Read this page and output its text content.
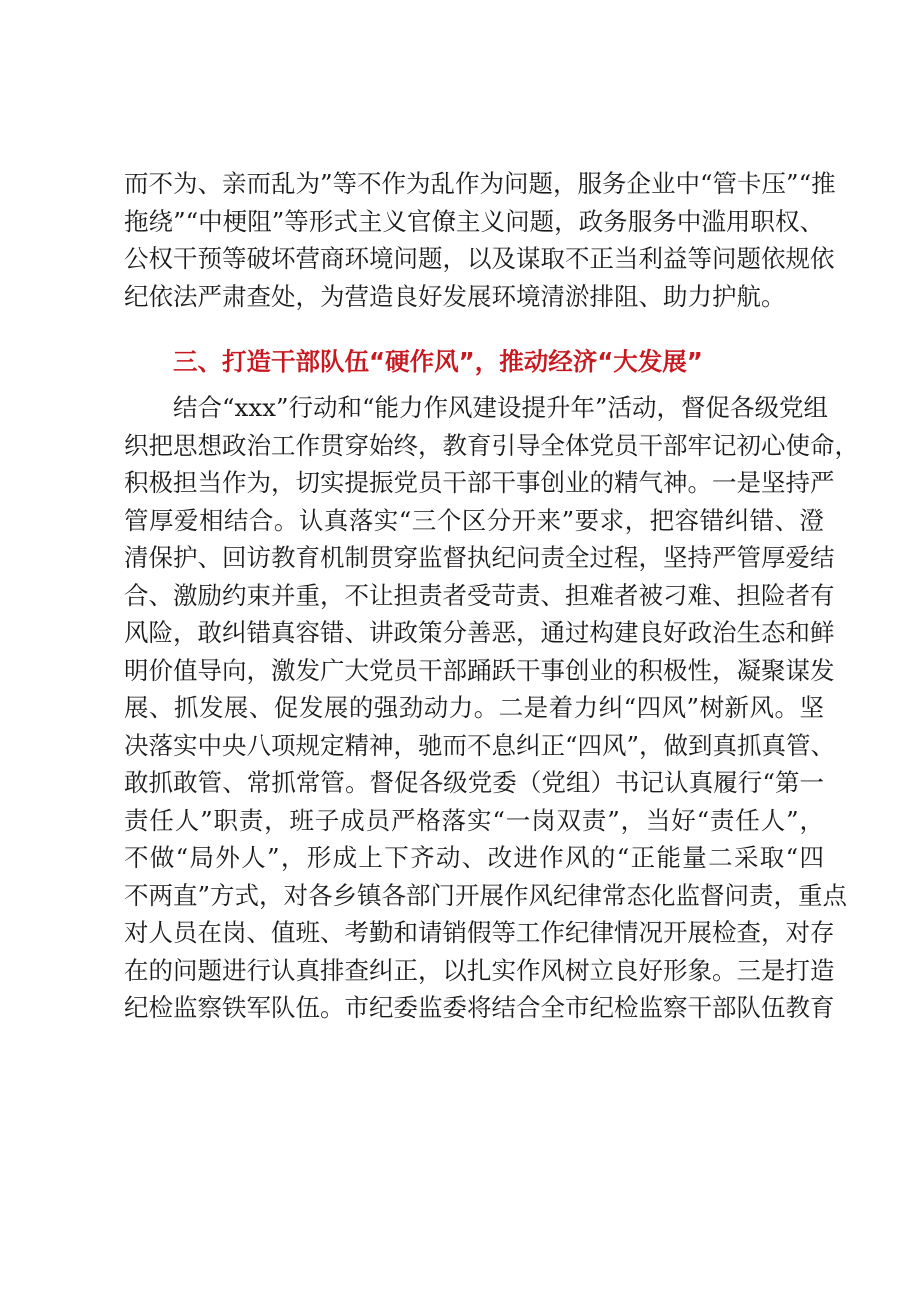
而不为、亲而乱为”等不作为乱作为问题，服务企业中“管卡压”“推
拖绕”“中梗阻”等形式主义官僚主义问题，政务服务中滥用职权、
公权干预等破坏营商环境问题，以及谋取不正当利益等问题依规依
纪依法严肃查处，为营造良好发展环境清淤排阻、助力护航。
三、打造干部队伍“硬作风”，推动经济“大发展”
结合“xxx”行动和“能力作风建设提升年”活动，督促各级党组
织把思想政治工作贯穿始终，教育引导全体党员干部牢记初心使命，
积极担当作为，切实提振党员干部干事创业的精气神。一是坚持严
管厚爱相结合。认真落实“三个区分开来”要求，把容错纠错、澄
清保护、回访教育机制贯穿监督执纪问责全过程，坚持严管厚爱结
合、激励约束并重，不让担责者受苛责、担难者被刁难、担险者有
风险，敢纠错真容错、讲政策分善恶，通过构建良好政治生态和鲜
明价值导向，激发广大党员干部踊跃干事创业的积极性，凝聚谋发
展、抓发展、促发展的强劲动力。二是着力纠“四风”树新风。坚
决落实中央八项规定精神，驰而不息纠正“四风”，做到真抓真管、
敢抓敢管、常抓常管。督促各级党委（党组）书记认真履行“第一
责任人”职责，班子成员严格落实“一岗双责”，当好“责任人”，
不做“局外人”，形成上下齐动、改进作风的“正能量二采取“四
不两直”方式，对各乡镇各部门开展作风纪律常态化监督问责，重点
对人员在岗、值班、考勤和请销假等工作纪律情况开展检查，对存
在的问题进行认真排查纠正，以扎实作风树立良好形象。三是打造
纪检监察铁军队伍。市纪委监委将结合全市纪检监察干部队伍教育
